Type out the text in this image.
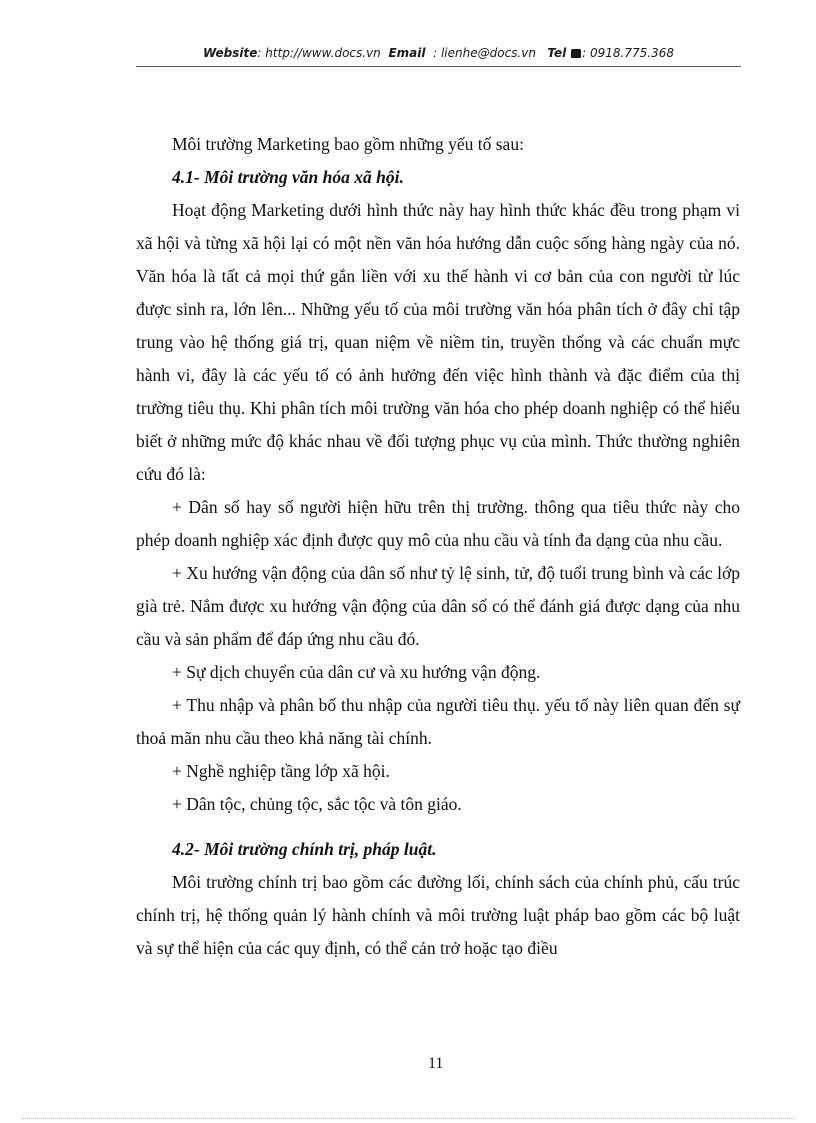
Website: http://www.docs.vn Email : lienhe@docs.vn Tel : 0918.775.368

Môi trường Marketing bao gồm những yếu tố sau:

4.1- Môi trường văn hóa xã hội.

Hoạt động Marketing dưới hình thức này hay hình thức khác đều trong phạm vi xã hội và từng xã hội lại có một nền văn hóa hướng dẫn cuộc sống hàng ngày của nó. Văn hóa là tất cả mọi thứ gắn liền với xu thế hành vi cơ bản của con người từ lúc được sinh ra, lớn lên... Những yếu tố của môi trường văn hóa phân tích ở đây chỉ tập trung vào hệ thống giá trị, quan niệm về niềm tin, truyền thống và các chuẩn mực hành vi, đây là các yếu tố có ảnh hưởng đến việc hình thành và đặc điểm của thị trường tiêu thụ. Khi phân tích môi trường văn hóa cho phép doanh nghiệp có thể hiểu biết ở những mức độ khác nhau về đối tượng phục vụ của mình. Thức thường nghiên cứu đó là:

+ Dân số hay số người hiện hữu trên thị trường. thông qua tiêu thức này cho phép doanh nghiệp xác định được quy mô của nhu cầu và tính đa dạng của nhu cầu.

+ Xu hướng vận động của dân số như tỷ lệ sinh, tử, độ tuổi trung bình và các lớp già trẻ. Nắm được xu hướng vận động của dân số có thể đánh giá được dạng của nhu cầu và sản phẩm để đáp ứng nhu cầu đó.

+ Sự dịch chuyển của dân cư và xu hướng vận động.

+ Thu nhập và phân bố thu nhập của người tiêu thụ. yếu tố này liên quan đến sự thoả mãn nhu cầu theo khả năng tài chính.

+ Nghề nghiệp tầng lớp xã hội.

+ Dân tộc, chủng tộc, sắc tộc và tôn giáo.

4.2- Môi trường chính trị, pháp luật.

Môi trường chính trị bao gồm các đường lối, chính sách của chính phủ, cấu trúc chính trị, hệ thống quản lý hành chính và môi trường luật pháp bao gồm các bộ luật và sự thể hiện của các quy định, có thể cản trở hoặc tạo điều

11
